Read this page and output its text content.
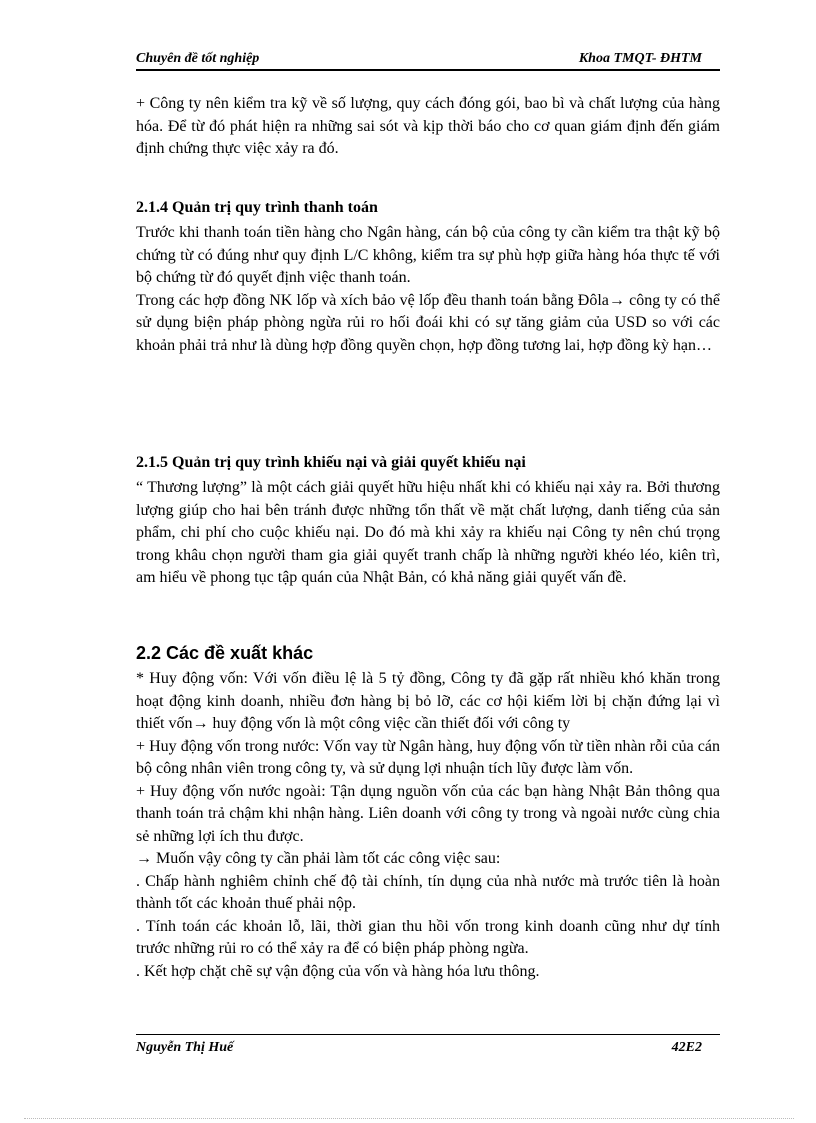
Chuyên đề tốt nghiệp	Khoa TMQT- ĐHTM

+ Công ty nên kiểm tra kỹ về số lượng, quy cách đóng gói, bao bì và chất lượng của hàng hóa. Để từ đó phát hiện ra những sai sót và kịp thời báo cho cơ quan giám định đến giám định chứng thực việc xảy ra đó.

2.1.4 Quản trị quy trình thanh toán

Trước khi thanh toán tiền hàng cho Ngân hàng, cán bộ của công ty cần kiểm tra thật kỹ bộ chứng từ có đúng như quy định L/C không, kiểm tra sự phù hợp giữa hàng hóa thực tế với bộ chứng từ đó quyết định việc thanh toán.

Trong các hợp đồng NK lốp và xích bảo vệ lốp đều thanh toán bằng Đôla→ công ty có thể sử dụng biện pháp phòng ngừa rủi ro hối đoái khi có sự tăng giảm của USD so với các khoản phải trả như là dùng hợp đồng quyền chọn, hợp đồng tương lai, hợp đồng kỳ hạn…

2.1.5 Quản trị quy trình khiếu nại và giải quyết khiếu nại

“ Thương lượng” là một cách giải quyết hữu hiệu nhất khi có khiếu nại xảy ra. Bởi thương lượng giúp cho hai bên tránh được những tổn thất về mặt chất lượng, danh tiếng của sản phẩm, chi phí cho cuộc khiếu nại. Do đó mà khi xảy ra khiếu nại Công ty nên chú trọng trong khâu chọn người tham gia giải quyết tranh chấp là những người khéo léo, kiên trì, am hiểu về phong tục tập quán của Nhật Bản, có khả năng giải quyết vấn đề.

2.2 Các đề xuất khác

* Huy động vốn: Với vốn điều lệ là 5 tỷ đồng, Công ty đã gặp rất nhiều khó khăn trong hoạt động kinh doanh, nhiều đơn hàng bị bỏ lỡ, các cơ hội kiếm lời bị chặn đứng lại vì thiết vốn→ huy động vốn là một công việc cần thiết đối với công ty

+ Huy động vốn trong nước: Vốn vay từ Ngân hàng, huy động vốn từ tiền nhàn rỗi của cán bộ công nhân viên trong công ty, và sử dụng lợi nhuận tích lũy được làm vốn.

+ Huy động vốn nước ngoài: Tận dụng nguồn vốn của các bạn hàng Nhật Bản thông qua thanh toán trả chậm khi nhận hàng. Liên doanh với công ty trong và ngoài nước cùng chia sẻ những lợi ích thu được.

→ Muốn vậy công ty cần phải làm tốt các công việc sau:

. Chấp hành nghiêm chỉnh chế độ tài chính, tín dụng của nhà nước mà trước tiên là hoàn thành tốt các khoản thuế phải nộp.

. Tính toán các khoản lỗ, lãi, thời gian thu hồi vốn trong kinh doanh cũng như dự tính trước những rủi ro có thể xảy ra để có biện pháp phòng ngừa.

. Kết hợp chặt chẽ sự vận động của vốn và hàng hóa lưu thông.

Nguyễn Thị Huế	42E2
